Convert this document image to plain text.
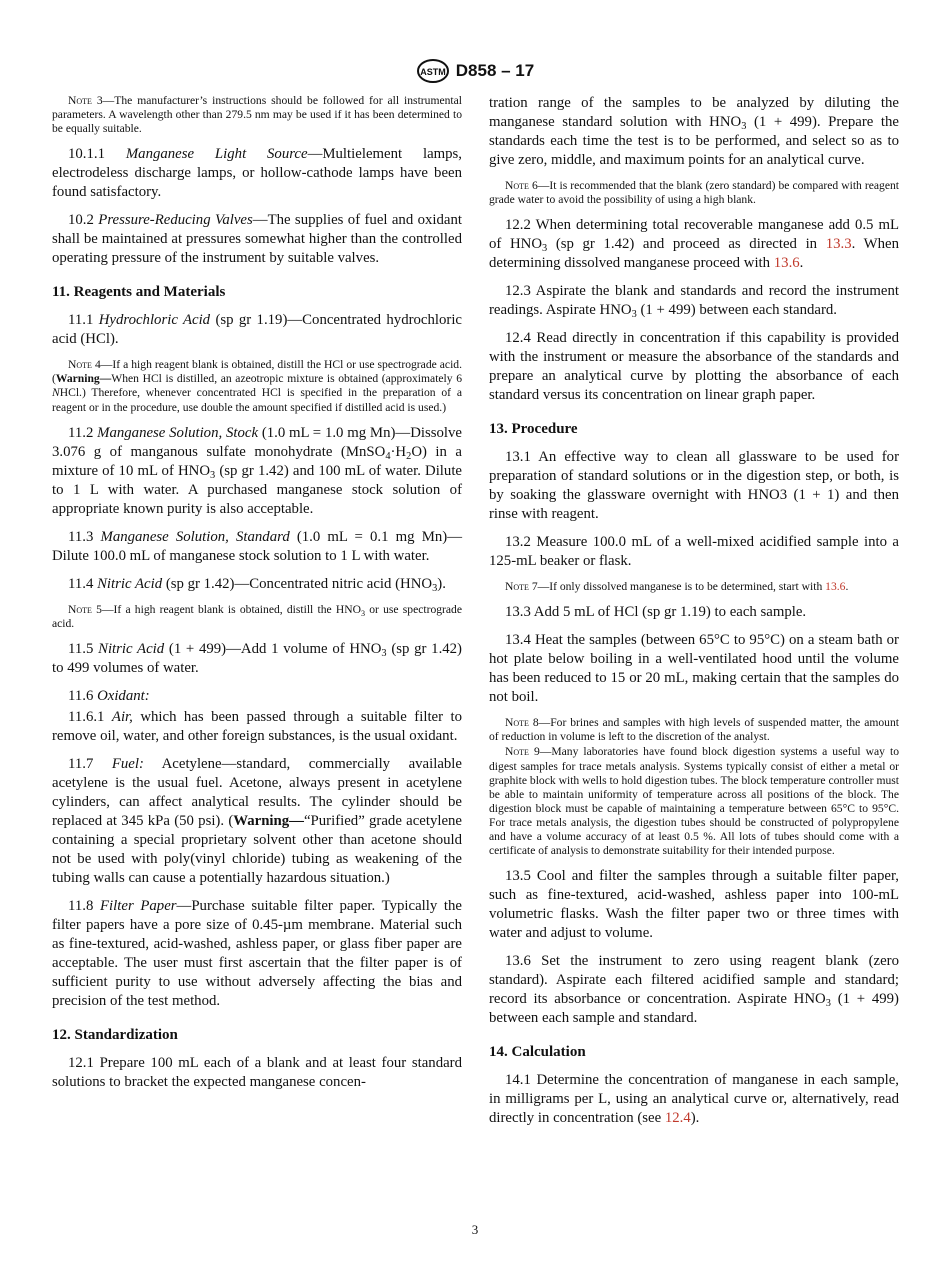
ASTM D858 – 17
Note 3—The manufacturer’s instructions should be followed for all instrumental parameters. A wavelength other than 279.5 nm may be used if it has been determined to be equally suitable.
10.1.1 Manganese Light Source—Multielement lamps, electrodeless discharge lamps, or hollow-cathode lamps have been found satisfactory.
10.2 Pressure-Reducing Valves—The supplies of fuel and oxidant shall be maintained at pressures somewhat higher than the controlled operating pressure of the instrument by suitable valves.
11. Reagents and Materials
11.1 Hydrochloric Acid (sp gr 1.19)—Concentrated hydrochloric acid (HCl).
Note 4—If a high reagent blank is obtained, distill the HCl or use spectrograde acid. (Warning—When HCl is distilled, an azeotropic mixture is obtained (approximately 6 NHCl.) Therefore, whenever concentrated HCl is specified in the preparation of a reagent or in the procedure, use double the amount specified if distilled acid is used.)
11.2 Manganese Solution, Stock (1.0 mL = 1.0 mg Mn)—Dissolve 3.076 g of manganous sulfate monohydrate $(MnSO_4\cdot H_2O)$ in a mixture of 10 mL of $HNO_3$ (sp gr 1.42) and 100 mL of water. Dilute to 1 L with water. A purchased manganese stock solution of appropriate known purity is also acceptable.
11.3 Manganese Solution, Standard (1.0 mL = 0.1 mg Mn)—Dilute 100.0 mL of manganese stock solution to 1 L with water.
11.4 Nitric Acid (sp gr 1.42)—Concentrated nitric acid $(HNO_3)$.
Note 5—If a high reagent blank is obtained, distill the $HNO_3$ or use spectrograde acid.
11.5 Nitric Acid (1 + 499)—Add 1 volume of $HNO_3$ (sp gr 1.42) to 499 volumes of water.
11.6 Oxidant:
11.6.1 Air, which has been passed through a suitable filter to remove oil, water, and other foreign substances, is the usual oxidant.
11.7 Fuel: Acetylene—standard, commercially available acetylene is the usual fuel. Acetone, always present in acetylene cylinders, can affect analytical results. The cylinder should be replaced at 345 kPa (50 psi). (Warning—“Purified” grade acetylene containing a special proprietary solvent other than acetone should not be used with poly(vinyl chloride) tubing as weakening of the tubing walls can cause a potentially hazardous situation.)
11.8 Filter Paper—Purchase suitable filter paper. Typically the filter papers have a pore size of 0.45-µm membrane. Material such as fine-textured, acid-washed, ashless paper, or glass fiber paper are acceptable. The user must first ascertain that the filter paper is of sufficient purity to use without adversely affecting the bias and precision of the test method.
12. Standardization
12.1 Prepare 100 mL each of a blank and at least four standard solutions to bracket the expected manganese concen-
tration range of the samples to be analyzed by diluting the manganese standard solution with $HNO_3$ (1 + 499). Prepare the standards each time the test is to be performed, and select so as to give zero, middle, and maximum points for an analytical curve.
Note 6—It is recommended that the blank (zero standard) be compared with reagent grade water to avoid the possibility of using a high blank.
12.2 When determining total recoverable manganese add 0.5 mL of $HNO_3$ (sp gr 1.42) and proceed as directed in 13.3. When determining dissolved manganese proceed with 13.6.
12.3 Aspirate the blank and standards and record the instrument readings. Aspirate $HNO_3$ (1 + 499) between each standard.
12.4 Read directly in concentration if this capability is provided with the instrument or measure the absorbance of the standards and prepare an analytical curve by plotting the absorbance of each standard versus its concentration on linear graph paper.
13. Procedure
13.1 An effective way to clean all glassware to be used for preparation of standard solutions or in the digestion step, or both, is by soaking the glassware overnight with HNO3 (1 + 1) and then rinse with reagent.
13.2 Measure 100.0 mL of a well-mixed acidified sample into a 125-mL beaker or flask.
Note 7—If only dissolved manganese is to be determined, start with 13.6.
13.3 Add 5 mL of HCl (sp gr 1.19) to each sample.
13.4 Heat the samples (between 65°C to 95°C) on a steam bath or hot plate below boiling in a well-ventilated hood until the volume has been reduced to 15 or 20 mL, making certain that the samples do not boil.
Note 8—For brines and samples with high levels of suspended matter, the amount of reduction in volume is left to the discretion of the analyst.
Note 9—Many laboratories have found block digestion systems a useful way to digest samples for trace metals analysis. Systems typically consist of either a metal or graphite block with wells to hold digestion tubes. The block temperature controller must be able to maintain uniformity of temperature across all positions of the block. The digestion block must be capable of maintaining a temperature between 65°C to 95°C. For trace metals analysis, the digestion tubes should be constructed of polypropylene and have a volume accuracy of at least 0.5 %. All lots of tubes should come with a certificate of analysis to demonstrate suitability for their intended purpose.
13.5 Cool and filter the samples through a suitable filter paper, such as fine-textured, acid-washed, ashless paper into 100-mL volumetric flasks. Wash the filter paper two or three times with water and adjust to volume.
13.6 Set the instrument to zero using reagent blank (zero standard). Aspirate each filtered acidified sample and standard; record its absorbance or concentration. Aspirate $HNO_3$ (1 + 499) between each sample and standard.
14. Calculation
14.1 Determine the concentration of manganese in each sample, in milligrams per L, using an analytical curve or, alternatively, read directly in concentration (see 12.4).
3
